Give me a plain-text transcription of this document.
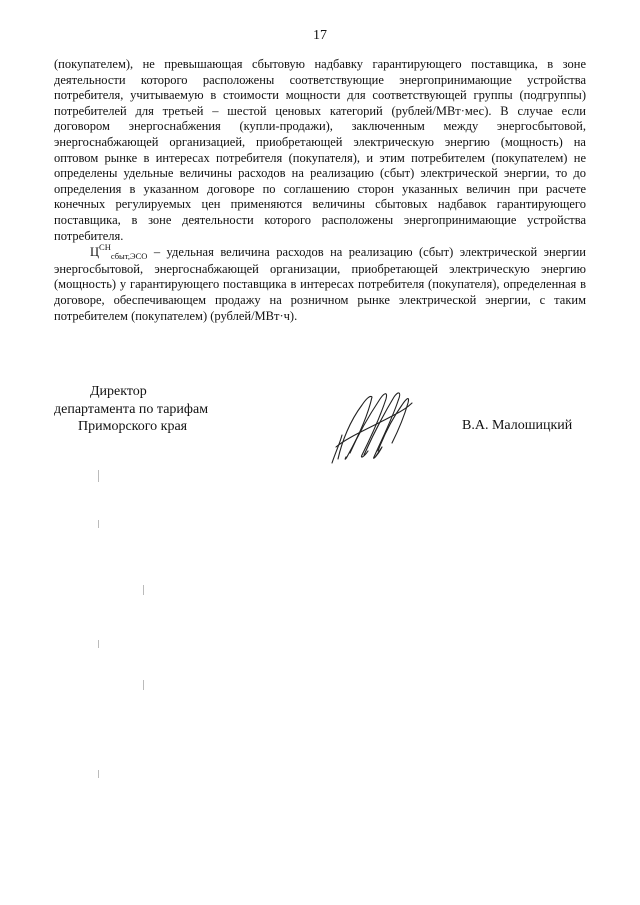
17

(покупателем), не превышающая сбытовую надбавку гарантирующего поставщика, в зоне деятельности которого расположены соответствующие энергопринимающие устройства потребителя, учитываемую в стоимости мощности для соответствующей группы (подгруппы) потребителей для третьей – шестой ценовых категорий (рублей/МВт·мес). В случае если договором энергоснабжения (купли-продажи), заключенным между энергосбытовой, энергоснабжающей организацией, приобретающей электрическую энергию (мощность) на оптовом рынке в интересах потребителя (покупателя), и этим потребителем (покупателем) не определены удельные величины расходов на реализацию (сбыт) электрической энергии, то до определения в указанном договоре по соглашению сторон указанных величин при расчете конечных регулируемых цен применяются величины сбытовых надбавок гарантирующего поставщика, в зоне деятельности которого расположены энергопринимающие устройства потребителя.

$Ц^{СН}_{сбыт,ЭСО}$ – удельная величина расходов на реализацию (сбыт) электрической энергии энергосбытовой, энергоснабжающей организации, приобретающей электрическую энергию (мощность) у гарантирующего поставщика в интересах потребителя (покупателя), определенная в договоре, обеспечивающем продажу на розничном рынке электрической энергии, с таким потребителем (покупателем) (рублей/МВт·ч).

Директор
департамента по тарифам
Приморского края	В.А. Малошицкий
